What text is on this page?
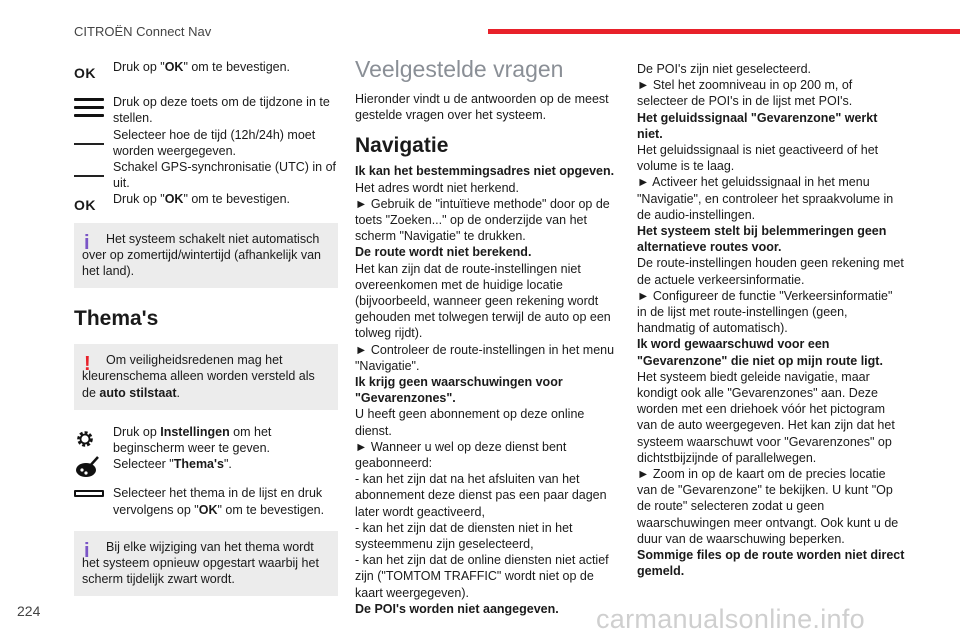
CITROËN Connect Nav
OK Druk op "OK" om te bevestigen.
Druk op deze toets om de tijdzone in te stellen.
Selecteer hoe de tijd (12h/24h) moet worden weergegeven.
Schakel GPS-synchronisatie (UTC) in of uit.
OK Druk op "OK" om te bevestigen.
i Het systeem schakelt niet automatisch over op zomertijd/wintertijd (afhankelijk van het land).
Thema's
! Om veiligheidsredenen mag het kleurenschema alleen worden versteld als de auto stilstaat.
Druk op Instellingen om het beginscherm weer te geven.
Selecteer "Thema's".
Selecteer het thema in de lijst en druk vervolgens op "OK" om te bevestigen.
i Bij elke wijziging van het thema wordt het systeem opnieuw opgestart waarbij het scherm tijdelijk zwart wordt.
Veelgestelde vragen
Hieronder vindt u de antwoorden op de meest gestelde vragen over het systeem.
Navigatie
Ik kan het bestemmingsadres niet opgeven.
Het adres wordt niet herkend.
► Gebruik de "intuïtieve methode" door op de toets "Zoeken..." op de onderzijde van het scherm "Navigatie" te drukken.
De route wordt niet berekend.
Het kan zijn dat de route-instellingen niet overeenkomen met de huidige locatie (bijvoorbeeld, wanneer geen rekening wordt gehouden met tolwegen terwijl de auto op een tolweg rijdt).
► Controleer de route-instellingen in het menu "Navigatie".
Ik krijg geen waarschuwingen voor "Gevarenzones".
U heeft geen abonnement op deze online dienst.
► Wanneer u wel op deze dienst bent geabonneerd:
- kan het zijn dat na het afsluiten van het abonnement deze dienst pas een paar dagen later wordt geactiveerd,
- kan het zijn dat de diensten niet in het systeemmenu zijn geselecteerd,
- kan het zijn dat de online diensten niet actief zijn ("TOMTOM TRAFFIC" wordt niet op de kaart weergegeven).
De POI's worden niet aangegeven.
De POI's zijn niet geselecteerd.
► Stel het zoomniveau in op 200 m, of selecteer de POI's in de lijst met POI's.
Het geluidssignaal "Gevarenzone" werkt niet.
Het geluidssignaal is niet geactiveerd of het volume is te laag.
► Activeer het geluidssignaal in het menu "Navigatie", en controleer het spraakvolume in de audio-instellingen.
Het systeem stelt bij belemmeringen geen alternatieve routes voor.
De route-instellingen houden geen rekening met de actuele verkeersinformatie.
► Configureer de functie "Verkeersinformatie" in de lijst met route-instellingen (geen, handmatig of automatisch).
Ik word gewaarschuwd voor een "Gevarenzone" die niet op mijn route ligt.
Het systeem biedt geleide navigatie, maar kondigt ook alle "Gevarenzones" aan. Deze worden met een driehoek vóór het pictogram van de auto weergegeven. Het kan zijn dat het systeem waarschuwt voor "Gevarenzones" op dichtstbijzijnde of parallelwegen.
► Zoom in op de kaart om de precies locatie van de "Gevarenzone" te bekijken. U kunt "Op de route" selecteren zodat u geen waarschuwingen meer ontvangt. Ook kunt u de duur van de waarschuwing beperken.
Sommige files op de route worden niet direct gemeld.
224	carmanualsonline.info
